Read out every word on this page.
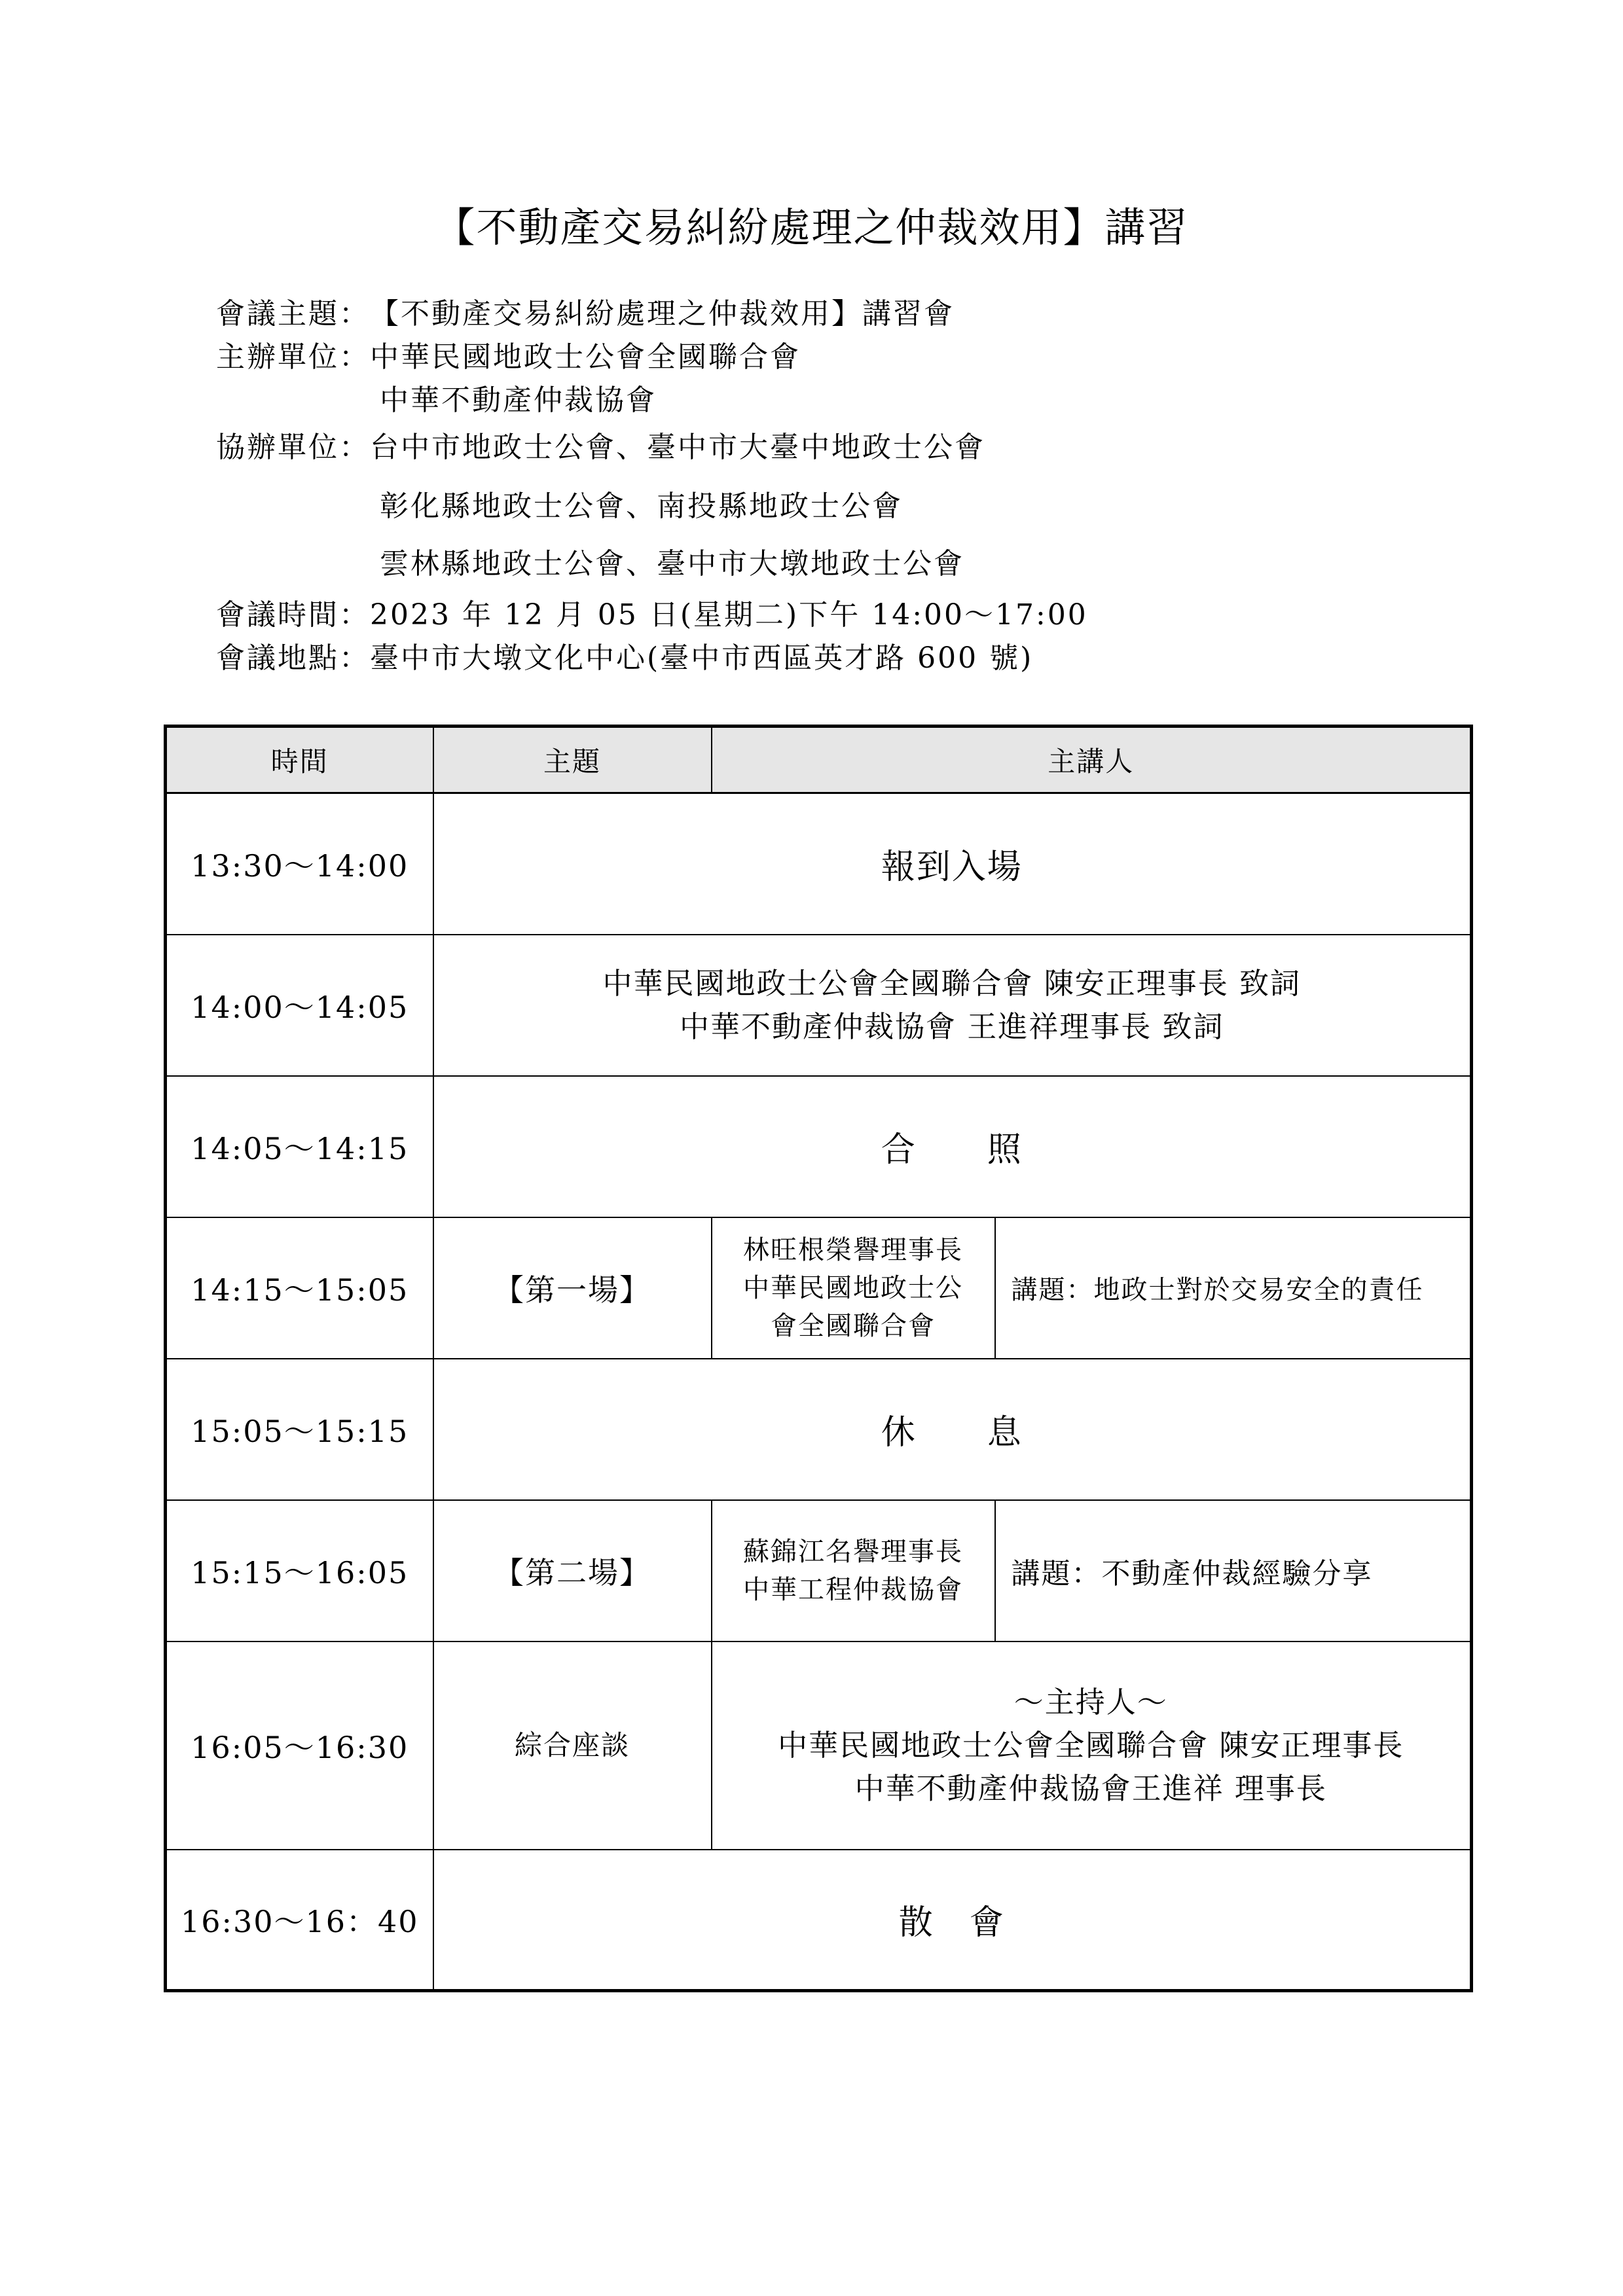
【不動產交易糾紛處理之仲裁效用】講習
會議主題：【不動產交易糾紛處理之仲裁效用】講習會
主辦單位：中華民國地政士公會全國聯合會
中華不動產仲裁協會
協辦單位：台中市地政士公會、臺中市大臺中地政士公會
彰化縣地政士公會、南投縣地政士公會
雲林縣地政士公會、臺中市大墩地政士公會
會議時間：2023 年 12 月 05 日(星期二)下午 14:00～17:00
會議地點：臺中市大墩文化中心(臺中市西區英才路 600 號)
時間	主題	主講人	
13:30～14:00	報到入場		
14:00～14:05	中華民國地政士公會全國聯合會 陳安正理事長 致詞
中華不動產仲裁協會 王進祥理事長 致詞		

14:05～14:15	合　　照		
14:15～15:05	【第一場】	林旺根榮譽理事長
中華民國地政士公
會全國聯合會	講題：地政士對於交易安全的責任
15:05～15:15	休　　息		
15:15～16:05	【第二場】	蘇錦江名譽理事長
中華工程仲裁協會	講題：不動產仲裁經驗分享
16:05～16:30	綜合座談	～主持人～
中華民國地政士公會全國聯合會 陳安正理事長
中華不動產仲裁協會王進祥 理事長	

16:30～16：40	散　會		
